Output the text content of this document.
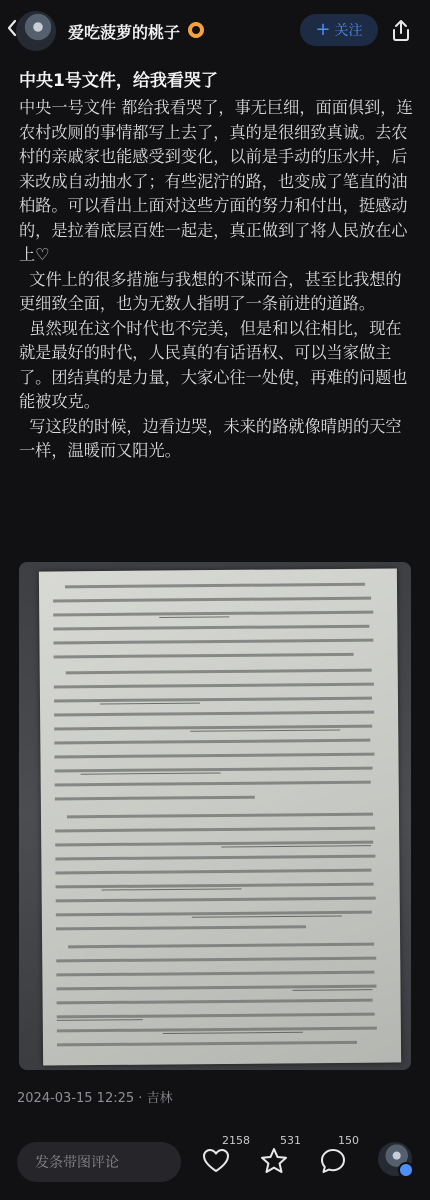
爱吃菠萝的桃子	+ 关注
中央1号文件，给我看哭了

中央一号文件 都给我看哭了，事无巨细，面面俱到，连农村改厕的事情都写上去了，真的是很细致真诚。去农村的亲戚家也能感受到变化，以前是手动的压水井，后来改成自动抽水了；有些泥泞的路，也变成了笔直的油柏路。可以看出上面对这些方面的努力和付出，挺感动的，是拉着底层百姓一起走，真正做到了将人民放在心上♡

文件上的很多措施与我想的不谋而合，甚至比我想的更细致全面，也为无数人指明了一条前进的道路。

虽然现在这个时代也不完美，但是和以往相比，现在就是最好的时代，人民真的有话语权、可以当家做主了。团结真的是力量，大家心往一处使，再难的问题也能被攻克。

写这段的时候，边看边哭，未来的路就像晴朗的天空一样，温暖而又阳光。

2024-03-15 12:25 · 吉林
发条带图评论
2158	531	150
